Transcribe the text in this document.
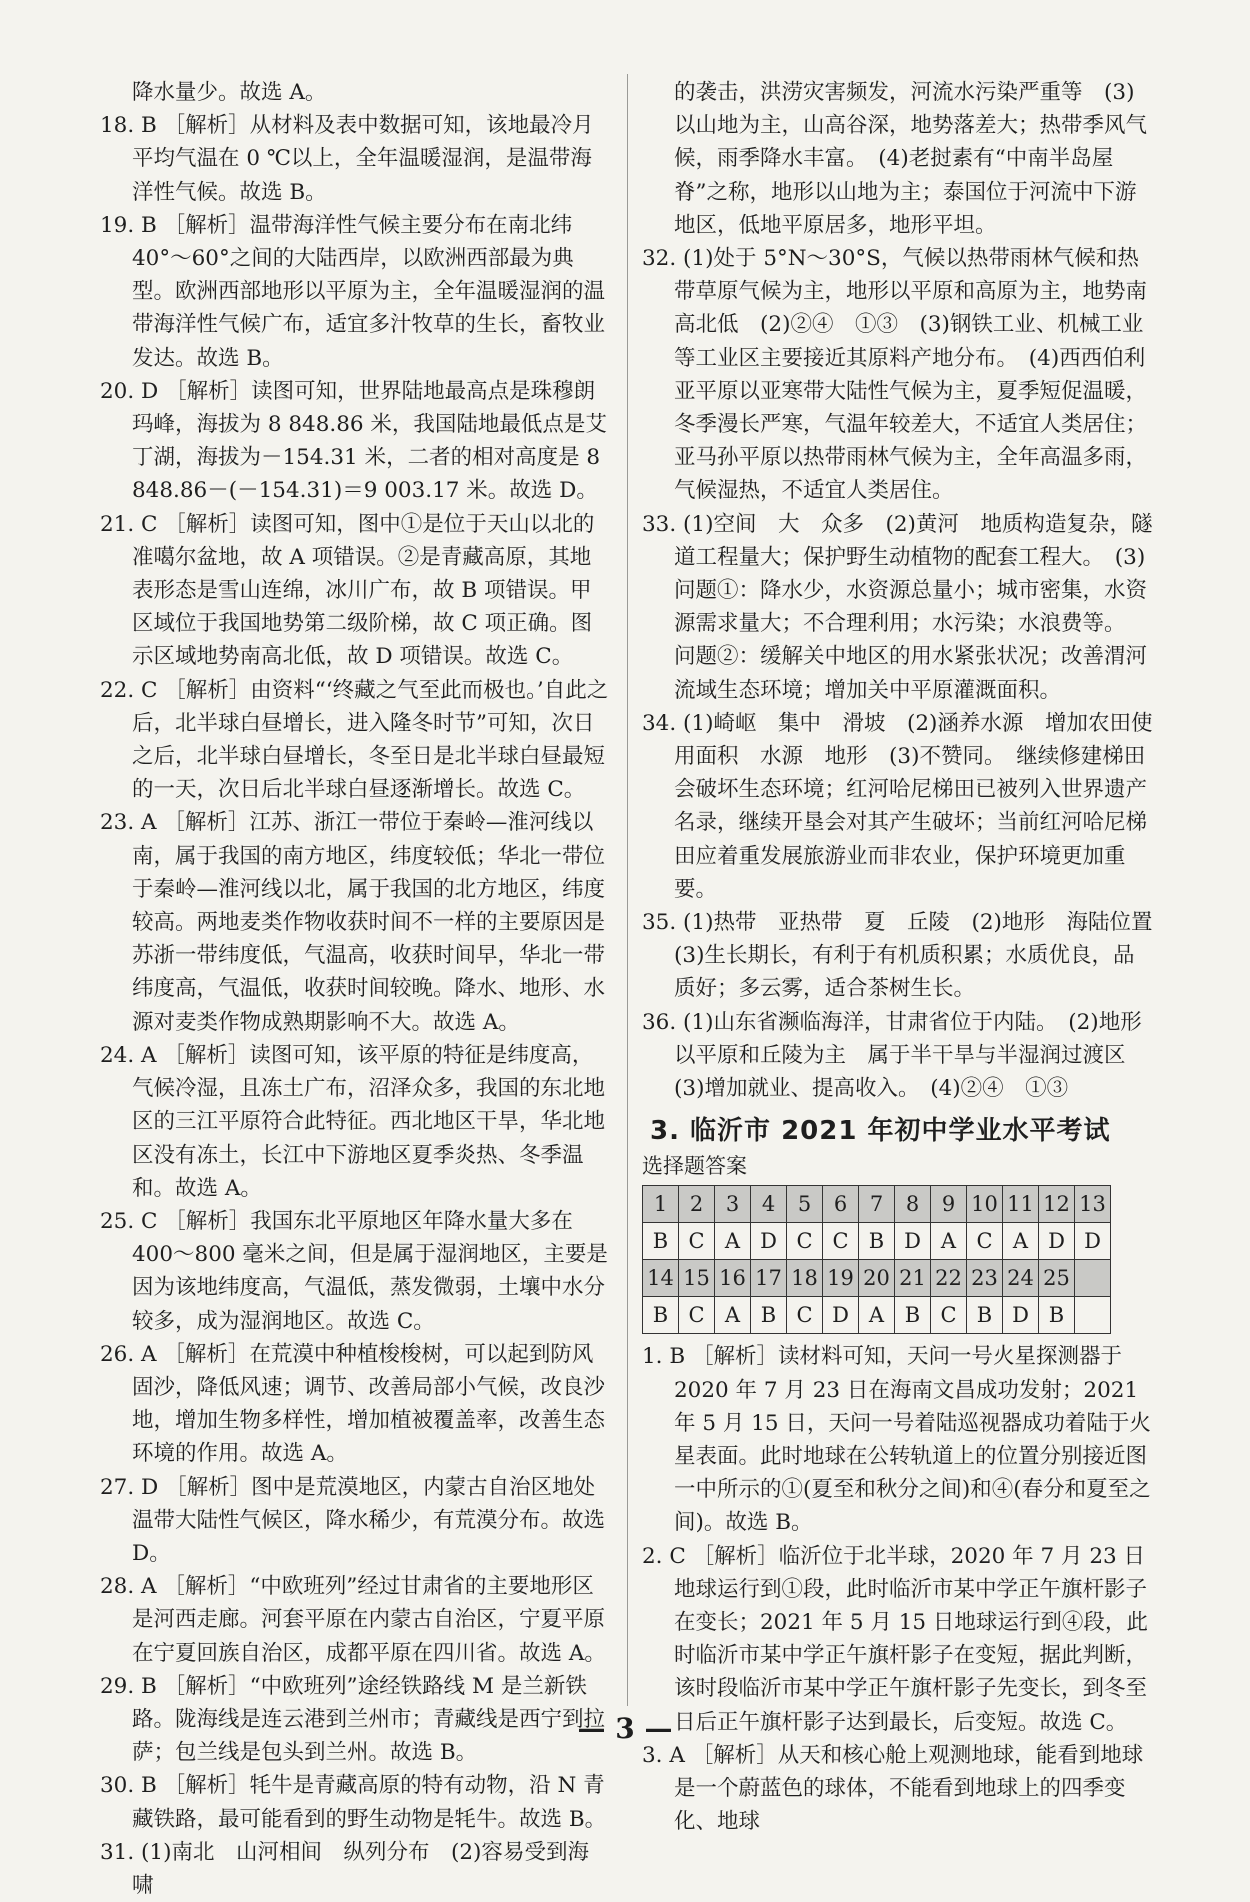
降水量少。故选 A。
18. B ［解析］从材料及表中数据可知，该地最冷月平均气温在 0 ℃以上，全年温暖湿润，是温带海洋性气候。故选 B。
19. B ［解析］温带海洋性气候主要分布在南北纬 40°～60°之间的大陆西岸，以欧洲西部最为典型。欧洲西部地形以平原为主，全年温暖湿润的温带海洋性气候广布，适宜多汁牧草的生长，畜牧业发达。故选 B。
20. D ［解析］读图可知，世界陆地最高点是珠穆朗玛峰，海拔为 8 848.86 米，我国陆地最低点是艾丁湖，海拔为－154.31 米，二者的相对高度是 8 848.86－(－154.31)＝9 003.17 米。故选 D。
21. C ［解析］读图可知，图中①是位于天山以北的准噶尔盆地，故 A 项错误。②是青藏高原，其地表形态是雪山连绵，冰川广布，故 B 项错误。甲区域位于我国地势第二级阶梯，故 C 项正确。图示区域地势南高北低，故 D 项错误。故选 C。
22. C ［解析］由资料“‘终藏之气至此而极也。’自此之后，北半球白昼增长，进入隆冬时节”可知，次日之后，北半球白昼增长，冬至日是北半球白昼最短的一天，次日后北半球白昼逐渐增长。故选 C。
23. A ［解析］江苏、浙江一带位于秦岭—淮河线以南，属于我国的南方地区，纬度较低；华北一带位于秦岭—淮河线以北，属于我国的北方地区，纬度较高。两地麦类作物收获时间不一样的主要原因是苏浙一带纬度低，气温高，收获时间早，华北一带纬度高，气温低，收获时间较晚。降水、地形、水源对麦类作物成熟期影响不大。故选 A。
24. A ［解析］读图可知，该平原的特征是纬度高，气候冷湿，且冻土广布，沼泽众多，我国的东北地区的三江平原符合此特征。西北地区干旱，华北地区没有冻土，长江中下游地区夏季炎热、冬季温和。故选 A。
25. C ［解析］我国东北平原地区年降水量大多在 400～800 毫米之间，但是属于湿润地区，主要是因为该地纬度高，气温低，蒸发微弱，土壤中水分较多，成为湿润地区。故选 C。
26. A ［解析］在荒漠中种植梭梭树，可以起到防风固沙，降低风速；调节、改善局部小气候，改良沙地，增加生物多样性，增加植被覆盖率，改善生态环境的作用。故选 A。
27. D ［解析］图中是荒漠地区，内蒙古自治区地处温带大陆性气候区，降水稀少，有荒漠分布。故选 D。
28. A ［解析］“中欧班列”经过甘肃省的主要地形区是河西走廊。河套平原在内蒙古自治区，宁夏平原在宁夏回族自治区，成都平原在四川省。故选 A。
29. B ［解析］“中欧班列”途经铁路线 M 是兰新铁路。陇海线是连云港到兰州市；青藏线是西宁到拉萨；包兰线是包头到兰州。故选 B。
30. B ［解析］牦牛是青藏高原的特有动物，沿 N 青藏铁路，最可能看到的野生动物是牦牛。故选 B。
31. (1)南北　山河相间　纵列分布　(2)容易受到海啸
的袭击，洪涝灾害频发，河流水污染严重等　(3)以山地为主，山高谷深，地势落差大；热带季风气候，雨季降水丰富。　(4)老挝素有“中南半岛屋脊”之称，地形以山地为主；泰国位于河流中下游地区，低地平原居多，地形平坦。
32. (1)处于 5°N～30°S，气候以热带雨林气候和热带草原气候为主，地形以平原和高原为主，地势南高北低　(2)②④　①③　(3)钢铁工业、机械工业等工业区主要接近其原料产地分布。　(4)西西伯利亚平原以亚寒带大陆性气候为主，夏季短促温暖，冬季漫长严寒，气温年较差大，不适宜人类居住；亚马孙平原以热带雨林气候为主，全年高温多雨，气候湿热，不适宜人类居住。
33. (1)空间　大　众多　(2)黄河　地质构造复杂，隧道工程量大；保护野生动植物的配套工程大。　(3)问题①：降水少，水资源总量小；城市密集，水资源需求量大；不合理利用；水污染；水浪费等。　问题②：缓解关中地区的用水紧张状况；改善渭河流域生态环境；增加关中平原灌溉面积。
34. (1)崎岖　集中　滑坡　(2)涵养水源　增加农田使用面积　水源　地形　(3)不赞同。　继续修建梯田会破坏生态环境；红河哈尼梯田已被列入世界遗产名录，继续开垦会对其产生破坏；当前红河哈尼梯田应着重发展旅游业而非农业，保护环境更加重要。
35. (1)热带　亚热带　夏　丘陵　(2)地形　海陆位置　(3)生长期长，有利于有机质积累；水质优良，品质好；多云雾，适合茶树生长。
36. (1)山东省濒临海洋，甘肃省位于内陆。　(2)地形以平原和丘陵为主　属于半干旱与半湿润过渡区　(3)增加就业、提高收入。　(4)②④　①③
3. 临沂市 2021 年初中学业水平考试
选择题答案
1	2	3	4	5	6	7	8	9	10	11	12	13
B	C	A	D	C	C	B	D	A	C	A	D	D
14	15	16	17	18	19	20	21	22	23	24	25	
B	C	A	B	C	D	A	B	C	B	D	B	
1. B ［解析］读材料可知，天问一号火星探测器于 2020 年 7 月 23 日在海南文昌成功发射；2021 年 5 月 15 日，天问一号着陆巡视器成功着陆于火星表面。此时地球在公转轨道上的位置分别接近图一中所示的①(夏至和秋分之间)和④(春分和夏至之间)。故选 B。
2. C ［解析］临沂位于北半球，2020 年 7 月 23 日地球运行到①段，此时临沂市某中学正午旗杆影子在变长；2021 年 5 月 15 日地球运行到④段，此时临沂市某中学正午旗杆影子在变短，据此判断，该时段临沂市某中学正午旗杆影子先变长，到冬至日后正午旗杆影子达到最长，后变短。故选 C。
3. A ［解析］从天和核心舱上观测地球，能看到地球是一个蔚蓝色的球体，不能看到地球上的四季变化、地球
— 3 —
